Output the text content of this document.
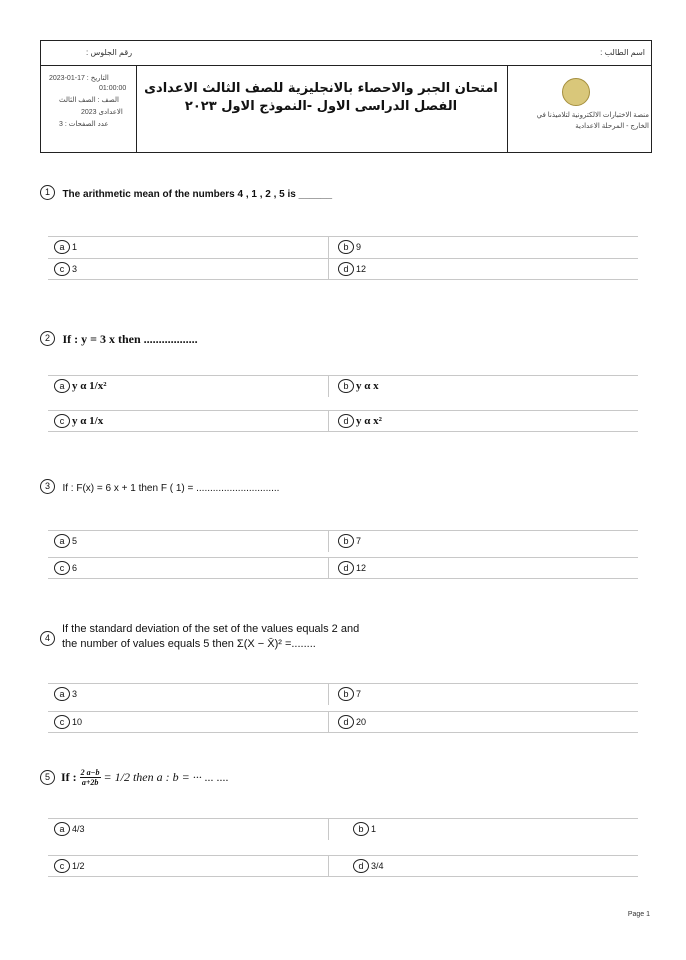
اسم الطالب :
رقم الجلوس :
التاريخ : 17-01-2023
01:00:00
الصف : الصف الثالث
الاعدادى 2023
عدد الصفحات : 3
امتحان الجبر والاحصاء بالانجليزية للصف الثالث الاعدادى
الفصل الدراسى الاول -النموذج الاول ٢٠٢٣
منصة الاختبارات الالكترونية لتلاميذنا في
الخارج - المرحلة الاعدادية
1 The arithmetic mean of the numbers 4 , 1 , 2 , 5 is ______
a 1	b 9
c 3	d 12
2 If : y = 3 x then ..................
a y α 1/x²	b y α x
c y α 1/x	d y α x²
3 If : F(x) = 6 x + 1 then F ( 1) = ..............................
a 5	b 7
c 6	d 12
4
If the standard deviation of the set of the values equals 2 and
the number of values equals 5 then Σ(X − X̄)² =........
a 3	b 7
c 10	d 20
5 If : $\frac{2 a-b}{a+2b} = 1/2$ then a : b = ··· ... ....
a 4/3	b 1
c 1/2	d 3/4
Page 1
